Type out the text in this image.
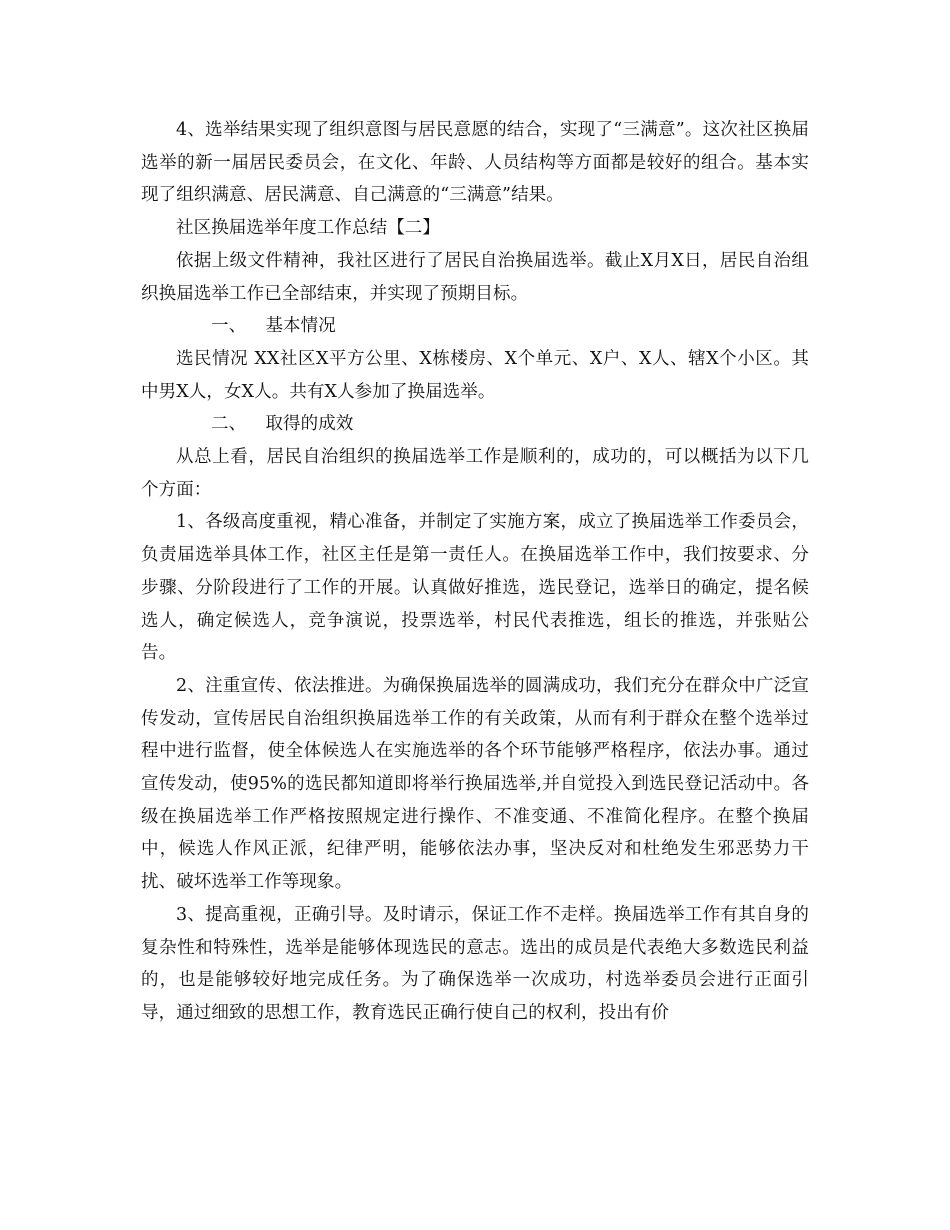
4、选举结果实现了组织意图与居民意愿的结合，实现了“三满意”。这次社区换届选举的新一届居民委员会，在文化、年龄、人员结构等方面都是较好的组合。基本实现了组织满意、居民满意、自己满意的“三满意”结果。

社区换届选举年度工作总结【二】

依据上级文件精神，我社区进行了居民自治换届选举。截止X月X日，居民自治组织换届选举工作已全部结束，并实现了预期目标。

一、 基本情况

选民情况 XX社区X平方公里、X栋楼房、X个单元、X户、X人、辖X个小区。其中男X人，女X人。共有X人参加了换届选举。

二、 取得的成效

从总上看，居民自治组织的换届选举工作是顺利的，成功的，可以概括为以下几个方面：

1、各级高度重视，精心准备，并制定了实施方案，成立了换届选举工作委员会，负责届选举具体工作，社区主任是第一责任人。在换届选举工作中，我们按要求、分步骤、分阶段进行了工作的开展。认真做好推选，选民登记，选举日的确定，提名候选人，确定候选人，竞争演说，投票选举，村民代表推选，组长的推选，并张贴公告。

2、注重宣传、依法推进。为确保换届选举的圆满成功，我们充分在群众中广泛宣传发动，宣传居民自治组织换届选举工作的有关政策，从而有利于群众在整个选举过程中进行监督，使全体候选人在实施选举的各个环节能够严格程序，依法办事。通过宣传发动，使95%的选民都知道即将举行换届选举,并自觉投入到选民登记活动中。各级在换届选举工作严格按照规定进行操作、不准变通、不准简化程序。在整个换届中，候选人作风正派，纪律严明，能够依法办事，坚决反对和杜绝发生邪恶势力干扰、破坏选举工作等现象。

3、提高重视，正确引导。及时请示，保证工作不走样。换届选举工作有其自身的复杂性和特殊性，选举是能够体现选民的意志。选出的成员是代表绝大多数选民利益的，也是能够较好地完成任务。为了确保选举一次成功，村选举委员会进行正面引导，通过细致的思想工作，教育选民正确行使自己的权利，投出有价
